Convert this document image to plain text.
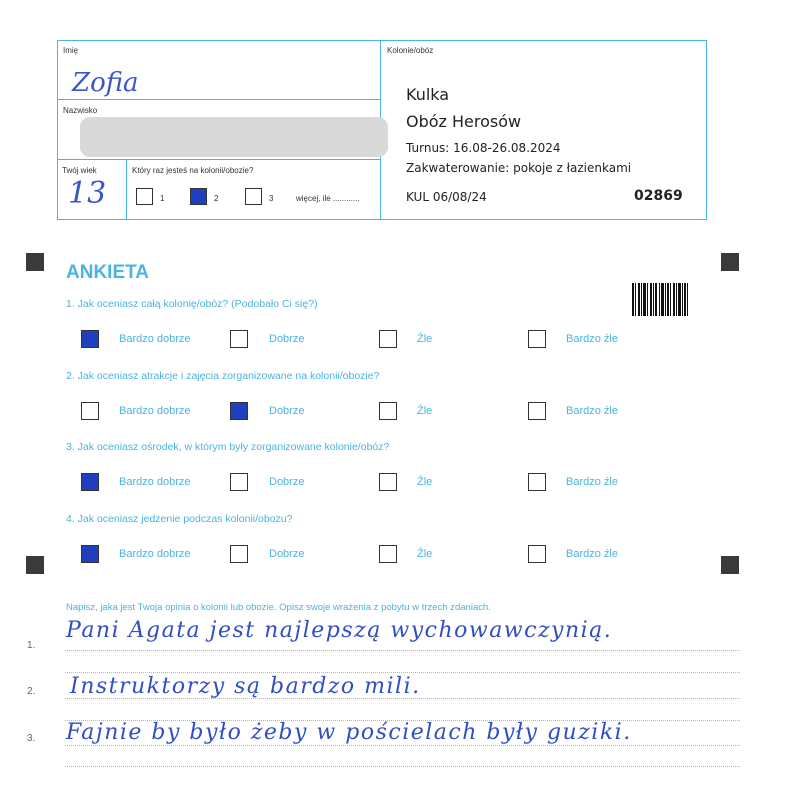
Imię
Zofia
Nazwisko
Twój wiek
13
Który raz jesteś na kolonii/obozie?
1	2	3	więcej, ile ............
Kolonie/obóz
Kulka
Obóz Herosów
Turnus: 16.08-26.08.2024
Zakwaterowanie: pokoje z łazienkami
KUL 06/08/24	02869
ANKIETA
1. Jak oceniasz całą kolonię/obóz? (Podobało Ci się?)
Bardzo dobrze	Dobrze	Źle	Bardzo źle
2. Jak oceniasz atrakcje i zajęcia zorganizowane na kolonii/obozie?
Bardzo dobrze	Dobrze	Źle	Bardzo źle
3. Jak oceniasz ośrodek, w którym były zorganizowane kolonie/obóz?
Bardzo dobrze	Dobrze	Źle	Bardzo źle
4. Jak oceniasz jedzenie podczas kolonii/obozu?
Bardzo dobrze	Dobrze	Źle	Bardzo źle
Napisz, jaka jest Twoja opinia o kolonii lub obozie. Opisz swoje wrażenia z pobytu w trzech zdaniach.
1.
Pani Agata jest najlepszą wychowawczynią.
2. Instruktorzy są bardzo mili.
3. Fajnie by było żeby w pościelach były guziki.
